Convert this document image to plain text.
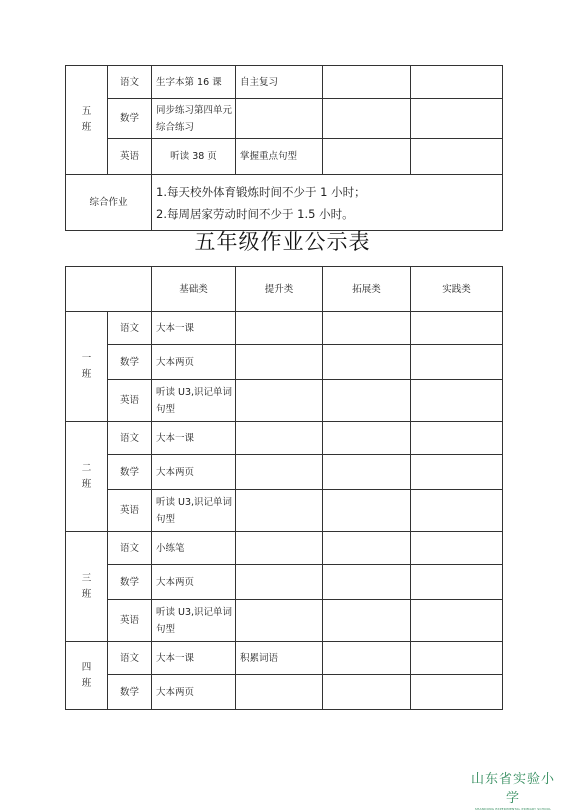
五
班	语文	生字本第 16 课	自主复习		
	数学	同步练习第四单元综合练习			
	英语	听读 38 页	掌握重点句型		
综合作业		1.每天校外体育锻炼时间不少于 1 小时；
2.每周居家劳动时间不少于 1.5 小时。			
五年级作业公示表
		基础类	提升类	拓展类	实践类
一
班	语文	大本一课			
	数学	大本两页			
	英语	听读 U3,识记单词句型			
二
班	语文	大本一课			
	数学	大本两页			
	英语	听读 U3,识记单词句型			
三
班	语文	小练笔			
	数学	大本两页			
	英语	听读 U3,识记单词句型			
四
班	语文	大本一课	积累词语		
	数学	大本两页			
山东省实验小学
SHANDONG EXPERIMENTAL PRIMARY SCHOOL
